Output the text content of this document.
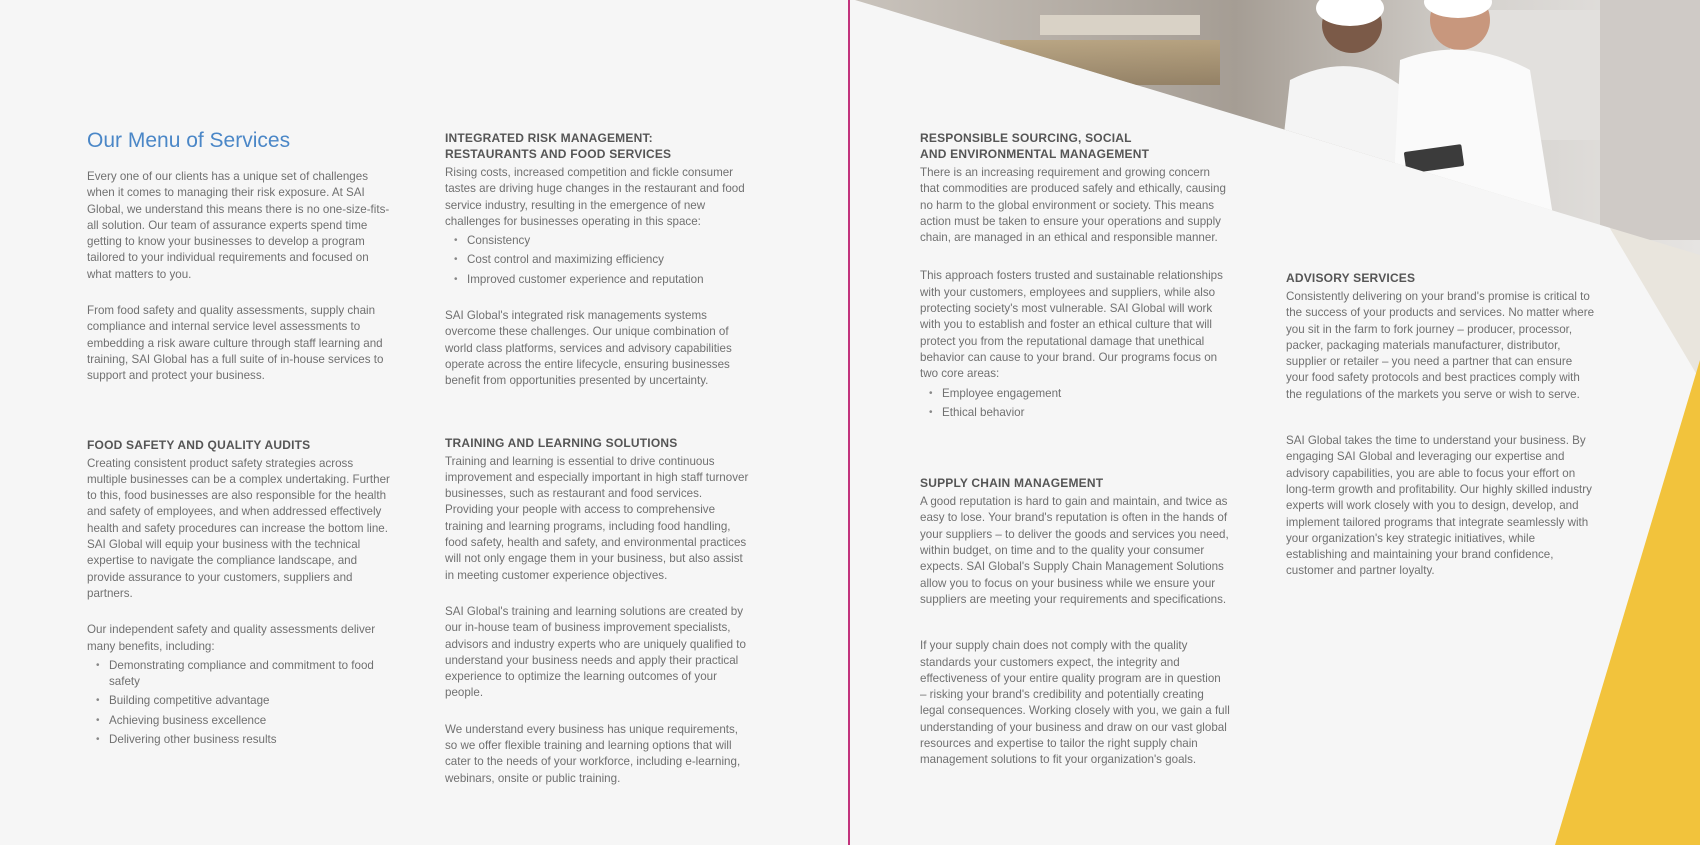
Our Menu of Services

Every one of our clients has a unique set of challenges when it comes to managing their risk exposure. At SAI Global, we understand this means there is no one-size-fits-all solution. Our team of assurance experts spend time getting to know your businesses to develop a program tailored to your individual requirements and focused on what matters to you.

From food safety and quality assessments, supply chain compliance and internal service level assessments to embedding a risk aware culture through staff learning and training, SAI Global has a full suite of in-house services to support and protect your business.

FOOD SAFETY AND QUALITY AUDITS

Creating consistent product safety strategies across multiple businesses can be a complex undertaking. Further to this, food businesses are also responsible for the health and safety of employees, and when addressed effectively health and safety procedures can increase the bottom line. SAI Global will equip your business with the technical expertise to navigate the compliance landscape, and provide assurance to your customers, suppliers and partners.

Our independent safety and quality assessments deliver many benefits, including:

• Demonstrating compliance and commitment to food safety
• Building competitive advantage
• Achieving business excellence
• Delivering other business results
INTEGRATED RISK MANAGEMENT:
RESTAURANTS AND FOOD SERVICES

Rising costs, increased competition and fickle consumer tastes are driving huge changes in the restaurant and food service industry, resulting in the emergence of new challenges for businesses operating in this space:

• Consistency
• Cost control and maximizing efficiency
• Improved customer experience and reputation

SAI Global's integrated risk managements systems overcome these challenges. Our unique combination of world class platforms, services and advisory capabilities operate across the entire lifecycle, ensuring businesses benefit from opportunities presented by uncertainty.

TRAINING AND LEARNING SOLUTIONS

Training and learning is essential to drive continuous improvement and especially important in high staff turnover businesses, such as restaurant and food services. Providing your people with access to comprehensive training and learning programs, including food handling, food safety, health and safety, and environmental practices will not only engage them in your business, but also assist in meeting customer experience objectives.

SAI Global's training and learning solutions are created by our in-house team of business improvement specialists, advisors and industry experts who are uniquely qualified to understand your business needs and apply their practical experience to optimize the learning outcomes of your people.

We understand every business has unique requirements, so we offer flexible training and learning options that will cater to the needs of your workforce, including e-learning, webinars, onsite or public training.

RESPONSIBLE SOURCING, SOCIAL
AND ENVIRONMENTAL MANAGEMENT

There is an increasing requirement and growing concern that commodities are produced safely and ethically, causing no harm to the global environment or society. This means action must be taken to ensure your operations and supply chain, are managed in an ethical and responsible manner.

This approach fosters trusted and sustainable relationships with your customers, employees and suppliers, while also protecting society's most vulnerable. SAI Global will work with you to establish and foster an ethical culture that will protect you from the reputational damage that unethical behavior can cause to your brand. Our programs focus on two core areas:

• Employee engagement
• Ethical behavior
SUPPLY CHAIN MANAGEMENT

A good reputation is hard to gain and maintain, and twice as easy to lose. Your brand's reputation is often in the hands of your suppliers – to deliver the goods and services you need, within budget, on time and to the quality your consumer expects. SAI Global's Supply Chain Management Solutions allow you to focus on your business while we ensure your suppliers are meeting your requirements and specifications.

If your supply chain does not comply with the quality standards your customers expect, the integrity and effectiveness of your entire quality program are in question – risking your brand's credibility and potentially creating legal consequences. Working closely with you, we gain a full understanding of your business and draw on our vast global resources and expertise to tailor the right supply chain management solutions to fit your organization's goals.

ADVISORY SERVICES

Consistently delivering on your brand's promise is critical to the success of your products and services. No matter where you sit in the farm to fork journey – producer, processor, packer, packaging materials manufacturer, distributor, supplier or retailer – you need a partner that can ensure your food safety protocols and best practices comply with the regulations of the markets you serve or wish to serve.

SAI Global takes the time to understand your business. By engaging SAI Global and leveraging our expertise and advisory capabilities, you are able to focus your effort on long-term growth and profitability. Our highly skilled industry experts will work closely with you to design, develop, and implement tailored programs that integrate seamlessly with your organization's key strategic initiatives, while establishing and maintaining your brand confidence, customer and partner loyalty.
